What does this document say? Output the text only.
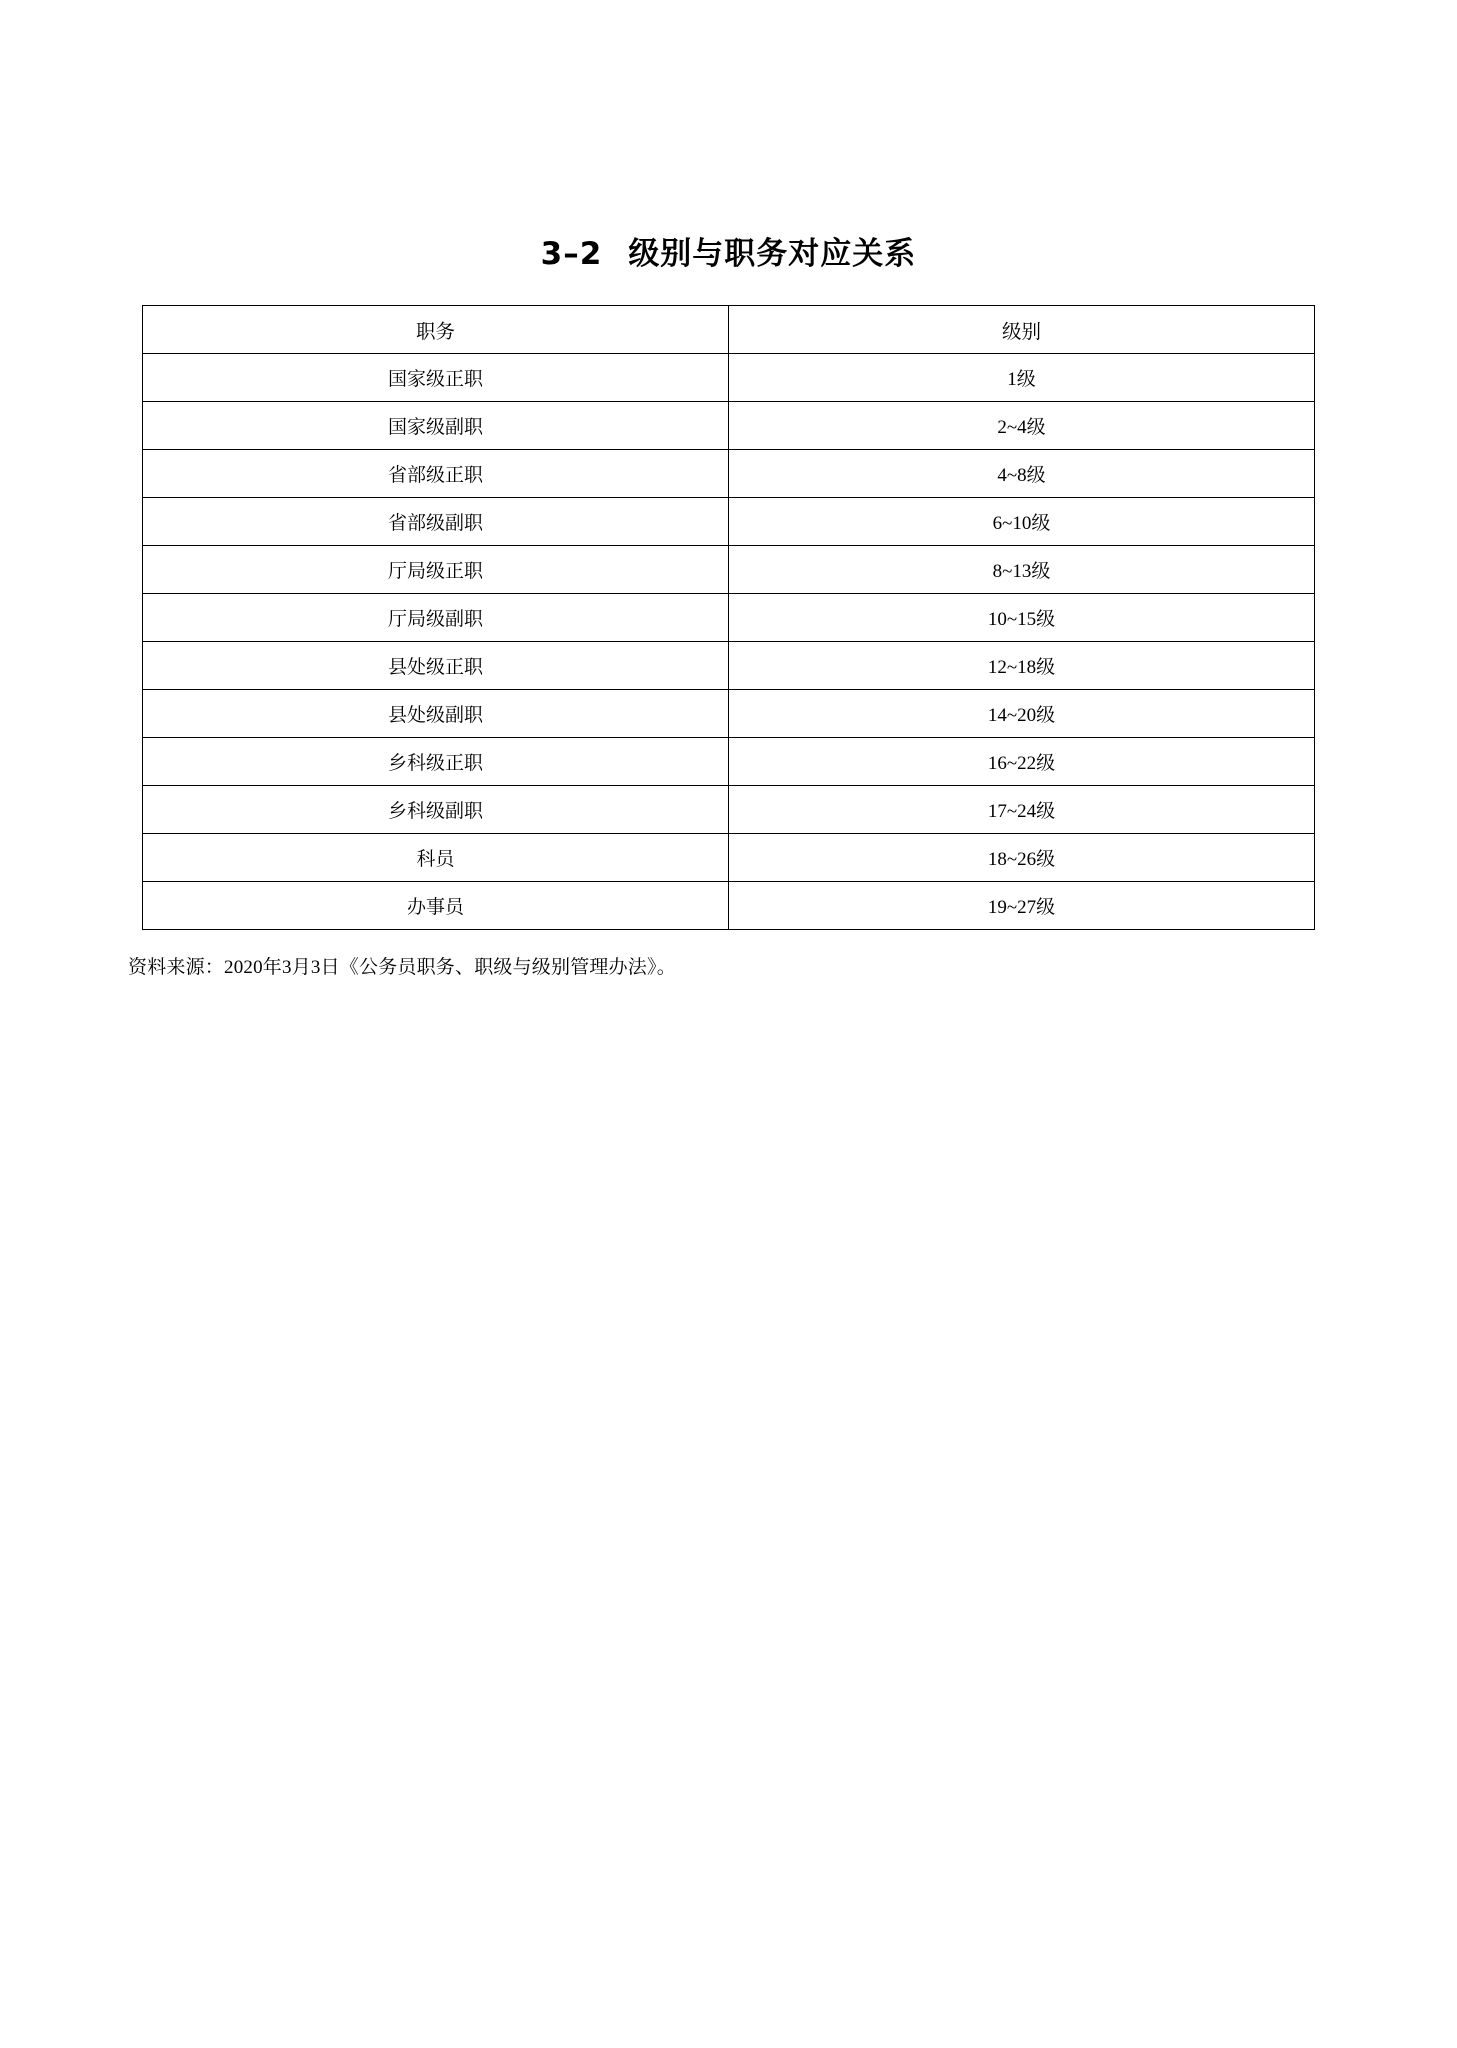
3–2 级别与职务对应关系
职务	级别
国家级正职	1级
国家级副职	2~4级
省部级正职	4~8级
省部级副职	6~10级
厅局级正职	8~13级
厅局级副职	10~15级
县处级正职	12~18级
县处级副职	14~20级
乡科级正职	16~22级
乡科级副职	17~24级
科员	18~26级
办事员	19~27级
资料来源：2020年3月3日《公务员职务、职级与级别管理办法》。
